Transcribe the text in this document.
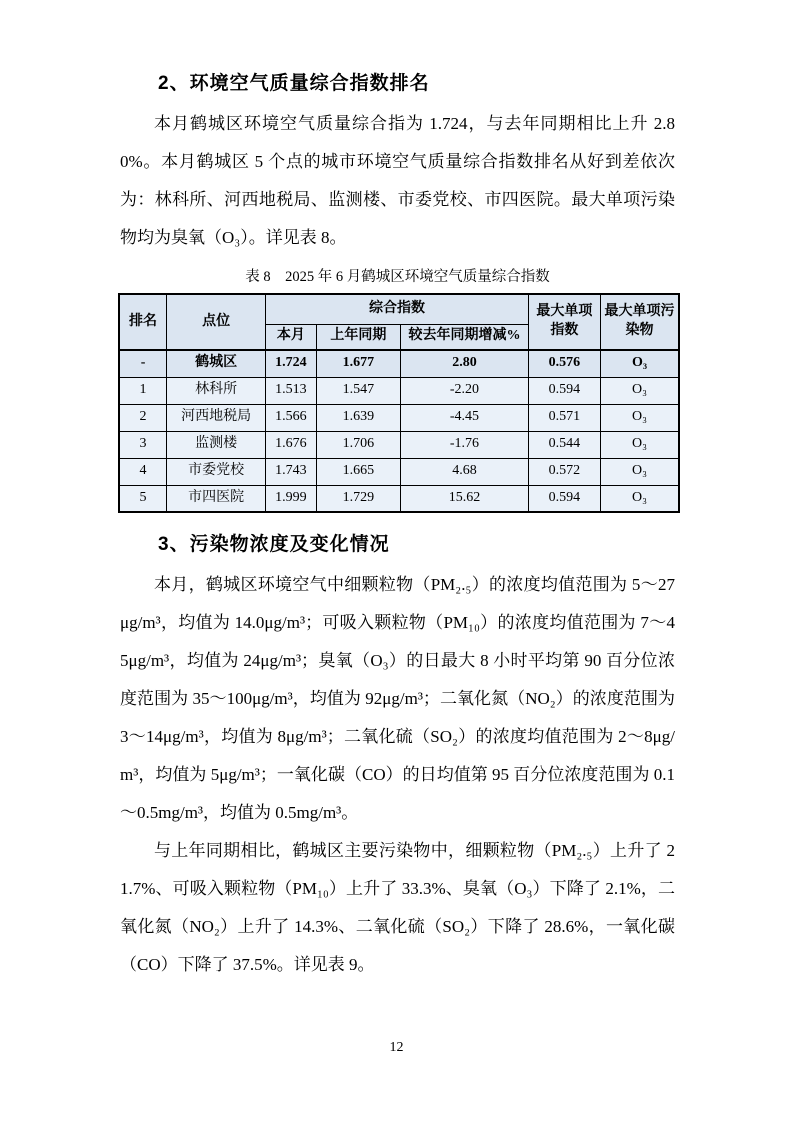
2、环境空气质量综合指数排名

本月鹤城区环境空气质量综合指为 1.724，与去年同期相比上升 2.80%。本月鹤城区 5 个点的城市环境空气质量综合指数排名从好到差依次为：林科所、河西地税局、监测楼、市委党校、市四医院。最大单项污染物均为臭氧（O₃）。详见表 8。

表 8    2025 年 6 月鹤城区环境空气质量综合指数
排名	点位	综合指数			最大单项指数	最大单项污染物
		本月	上年同期	较去年同期增减%		
-	鹤城区	1.724	1.677	2.80	0.576	O₃
1	林科所	1.513	1.547	-2.20	0.594	O₃
2	河西地税局	1.566	1.639	-4.45	0.571	O₃
3	监测楼	1.676	1.706	-1.76	0.544	O₃
4	市委党校	1.743	1.665	4.68	0.572	O₃
5	市四医院	1.999	1.729	15.62	0.594	O₃
3、污染物浓度及变化情况

本月，鹤城区环境空气中细颗粒物（PM₂.₅）的浓度均值范围为 5～27μg/m³，均值为 14.0μg/m³；可吸入颗粒物（PM₁₀）的浓度均值范围为 7～45μg/m³，均值为 24μg/m³；臭氧（O₃）的日最大 8 小时平均第 90 百分位浓度范围为 35～100μg/m³，均值为 92μg/m³；二氧化氮（NO₂）的浓度范围为 3～14μg/m³，均值为 8μg/m³；二氧化硫（SO₂）的浓度均值范围为 2～8μg/m³，均值为 5μg/m³；一氧化碳（CO）的日均值第 95 百分位浓度范围为 0.1～0.5mg/m³，均值为 0.5mg/m³。

与上年同期相比，鹤城区主要污染物中，细颗粒物（PM₂.₅）上升了 21.7%、可吸入颗粒物（PM₁₀）上升了 33.3%、臭氧（O₃）下降了 2.1%，二氧化氮（NO₂）上升了 14.3%、二氧化硫（SO₂）下降了 28.6%，一氧化碳（CO）下降了 37.5%。详见表 9。

12
